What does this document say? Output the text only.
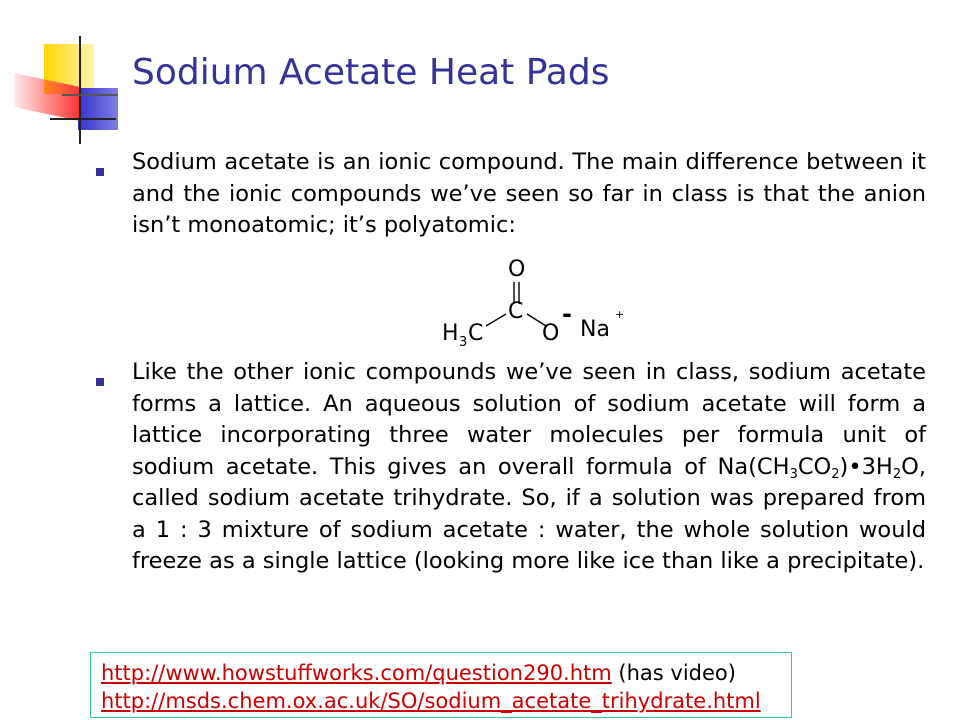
Sodium Acetate Heat Pads

Sodium acetate is an ionic compound. The main difference between it and the ionic compounds we’ve seen so far in class is that the anion isn’t monoatomic; it’s polyatomic:

O
C
H 3 C	O
-
Na
+

Like the other ionic compounds we’ve seen in class, sodium acetate forms a lattice. An aqueous solution of sodium acetate will form a lattice incorporating three water molecules per formula unit of sodium acetate. This gives an overall formula of $Na(CH_3CO_2)•3H_2O$, called sodium acetate trihydrate. So, if a solution was prepared from a 1 : 3 mixture of sodium acetate : water, the whole solution would freeze as a single lattice (looking more like ice than like a precipitate).

http://www.howstuffworks.com/question290.htm (has video)
http://msds.chem.ox.ac.uk/SO/sodium_acetate_trihydrate.html
